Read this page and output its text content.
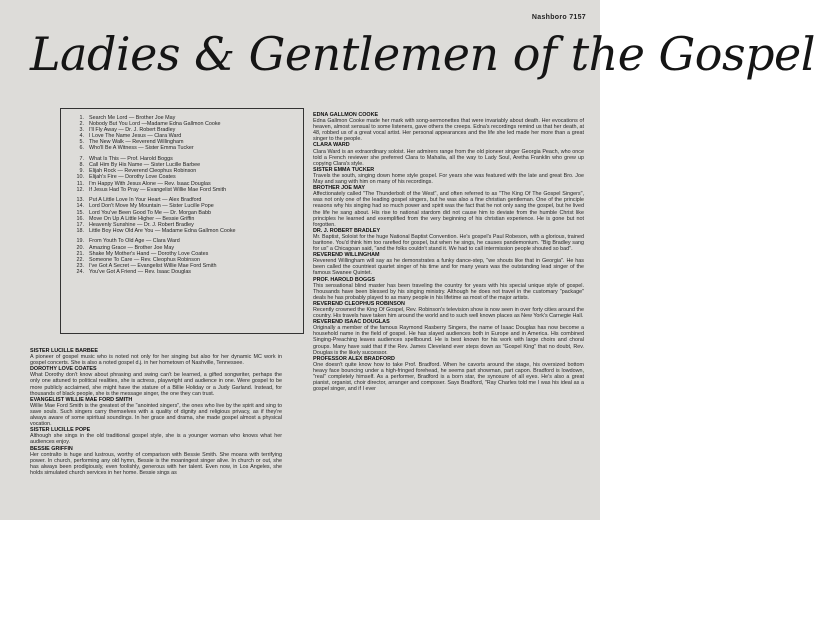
Nashboro 7157
Ladies & Gentlemen of the Gospel
1. Search Me Lord — Brother Joe May
2. Nobody But You Lord —Madame Edna Gallmon Cooke
3. I'll Fly Away — Dr. J. Robert Bradley
4. I Love The Name Jesus — Clara Ward
5. The New Walk — Reverend Willingham
6. Who'll Be A Witness — Sister Emma Tucker
7. What Is This — Prof. Harold Boggs
8. Call Him By His Name — Sister Lucille Barbee
9. Elijah Rock — Reverend Cleophus Robinson
10. Elijah's Fire — Dorothy Love Coates
11. I'm Happy With Jesus Alone — Rev. Isaac Douglas
12. If Jesus Had To Pray — Evangelist Willie Mae Ford Smith
13. Put A Little Love In Your Heart — Alex Bradford
14. Lord Don't Move My Mountain — Sister Lucille Pope
15. Lord You've Been Good To Me — Dr. Morgan Babb
16. Move On Up A Little Higher — Bessie Griffin
17. Heavenly Sunshine — Dr. J. Robert Bradley
18. Little Boy How Old Are You — Madame Edna Gallmon Cooke
19. From Youth To Old Age — Clara Ward
20. Amazing Grace — Brother Joe May
21. Shake My Mother's Hand — Dorothy Love Coates
22. Someone To Care — Rev. Cleophus Robinson
23. I've Got A Secret — Evangelist Willie Mae Ford Smith
24. You've Got A Friend — Rev. Isaac Douglas
SISTER LUCILLE BARBEE

A pioneer of gospel music who is noted not only for her singing but also for her dynamic MC work in gospel concerts. She is also a noted gospel d.j. in her hometown of Nashville, Tennessee.

DOROTHY LOVE COATES

What Dorothy don't know about phrasing and swing can't be learned, a gifted songwriter, perhaps the only one attuned to political realities, she is actress, playwright and audience in one. Were gospel to be more publicly acclaimed, she might have the stature of a Billie Holiday or a Judy Garland. Instead, for thousands of black people, she is the message singer, the one they can trust.

EVANGELIST WILLIE MAE FORD SMITH

Willie Mae Ford Smith is the greatest of the "anointed singers", the ones who live by the spirit and sing to save souls. Such singers carry themselves with a quality of dignity and religious privacy, as if they're always aware of some spiritual soundings. In her grace and drama, she made gospel almost a physical vocation.

SISTER LUCILLE POPE

Although she sings in the old traditional gospel style, she is a younger woman who knows what her audiences enjoy.

BESSIE GRIFFIN

Her contralto is huge and lustrous, worthy of comparison with Bessie Smith. She moans with terrifying power. In church, performing any old hymn, Bessie is the moaningest singer alive. In church or out, she has always been prodigiously, even foolishly, generous with her talent. Even now, in Los Angeles, she holds simulated church services in her home. Bessie sings as

EDNA GALLMON COOKE

Edna Gallmon Cooke made her mark with song-sermonettes that were invariably about death. Her evocations of heaven, almost sensual to some listeners, gave others the creeps. Edna's recordings remind us that her death, at 48, robbed us of a great vocal artist. Her personal appearances and the life she led made her more than a great singer to the people.

CLARA WARD

Clara Ward is an extraordinary soloist. Her admirers range from the old pioneer singer Georgia Peach, who once told a French reviewer she preferred Clara to Mahalia, all the way to Lady Soul, Aretha Franklin who grew up copying Clara's style.

SISTER EMMA TUCKER

Travels the south, singing down home style gospel. For years she was featured with the late and great Bro. Joe May and sang with him on many of his recordings.

BROTHER JOE MAY

Affectionately called "The Thunderbolt of the West", and often referred to as "The King Of The Gospel Singers", was not only one of the leading gospel singers, but he was also a fine christian gentleman. One of the principle reasons why his singing had so much power and spirit was the fact that he not only sang the gospel, but he lived the life he sang about. His rise to national stardom did not cause him to deviate from the humble Christ like principles he learned and exemplified from the very beginning of his christian experience. He is gone but not forgotten.

DR. J. ROBERT BRADLEY

Mr. Baptist, Soloist for the huge National Baptist Convention. He's gospel's Paul Robeson, with a glorious, trained baritone. You'd think him too rarefied for gospel, but when he sings, he causes pandemonium. "Big Bradley sang for us" a Chicagoan said, "and the folks couldn't stand it. We had to call intermission people shouted so bad".

REVEREND WILLINGHAM

Reverend Willingham will say as he demonstrates a funky dance-step, "we shouts like that in Georgia". He has been called the countriest quartet singer of his time and for many years was the outstanding lead singer of the famous Swanee Quintet.

PROF. HAROLD BOGGS

This sensational blind master has been traveling the country for years with his special unique style of gospel. Thousands have been blessed by his singing ministry. Although he does not travel in the customary "package" deals he has probably played to as many people in his lifetime as most of the major artists.

REVEREND CLEOPHUS ROBINSON

Recently crowned the King Of Gospel, Rev. Robinson's television show is now seen in over forty cities around the country. His travels have taken him around the world and to such well known places as New York's Carnegie Hall.

REVEREND ISAAC DOUGLAS

Originally a member of the famous Raymond Rasberry Singers, the name of Isaac Douglas has now become a household name in the field of gospel. He has slayed audiences both in Europe and in America. His combined Singing-Preaching leaves audiences spellbound. He is best known for his work with large choirs and choral groups. Many have said that if the Rev. James Cleveland ever steps down as "Gospel King" that no doubt, Rev. Douglas is the likely successor.

PROFESSOR ALEX BRADFORD

One doesn't quite know how to take Prof. Bradford. When he cavorts around the stage, his oversized bottom heavy face bouncing under a high-fringed forehead, he seems part showman, part capon. Bradford is lowdown, "real" completely himself. As a performer, Bradford is a born star, the synosure of all eyes. He's also a great pianist, organist, choir director, arranger and composer. Says Bradford, "Ray Charles told me I was his ideal as a gospel singer, and if I ever
